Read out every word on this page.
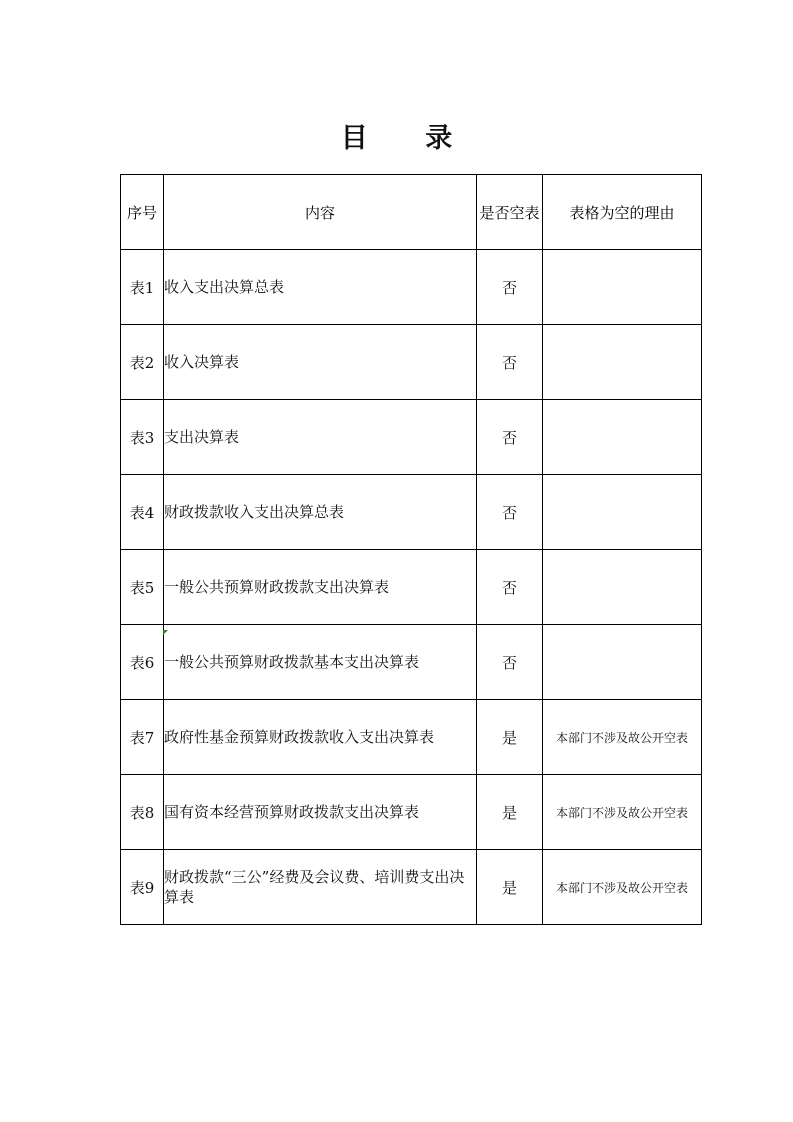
目 录
序号	内容	是否空表	表格为空的理由
表1	收入支出决算总表	否	
表2	收入决算表	否	
表3	支出决算表	否	
表4	财政拨款收入支出决算总表	否	
表5	一般公共预算财政拨款支出决算表	否	
表6	一般公共预算财政拨款基本支出决算表	否	
表7	政府性基金预算财政拨款收入支出决算表	是	本部门不涉及故公开空表
表8	国有资本经营预算财政拨款支出决算表	是	本部门不涉及故公开空表
表9	财政拨款“三公”经费及会议费、培训费支出决算表	是	本部门不涉及故公开空表
